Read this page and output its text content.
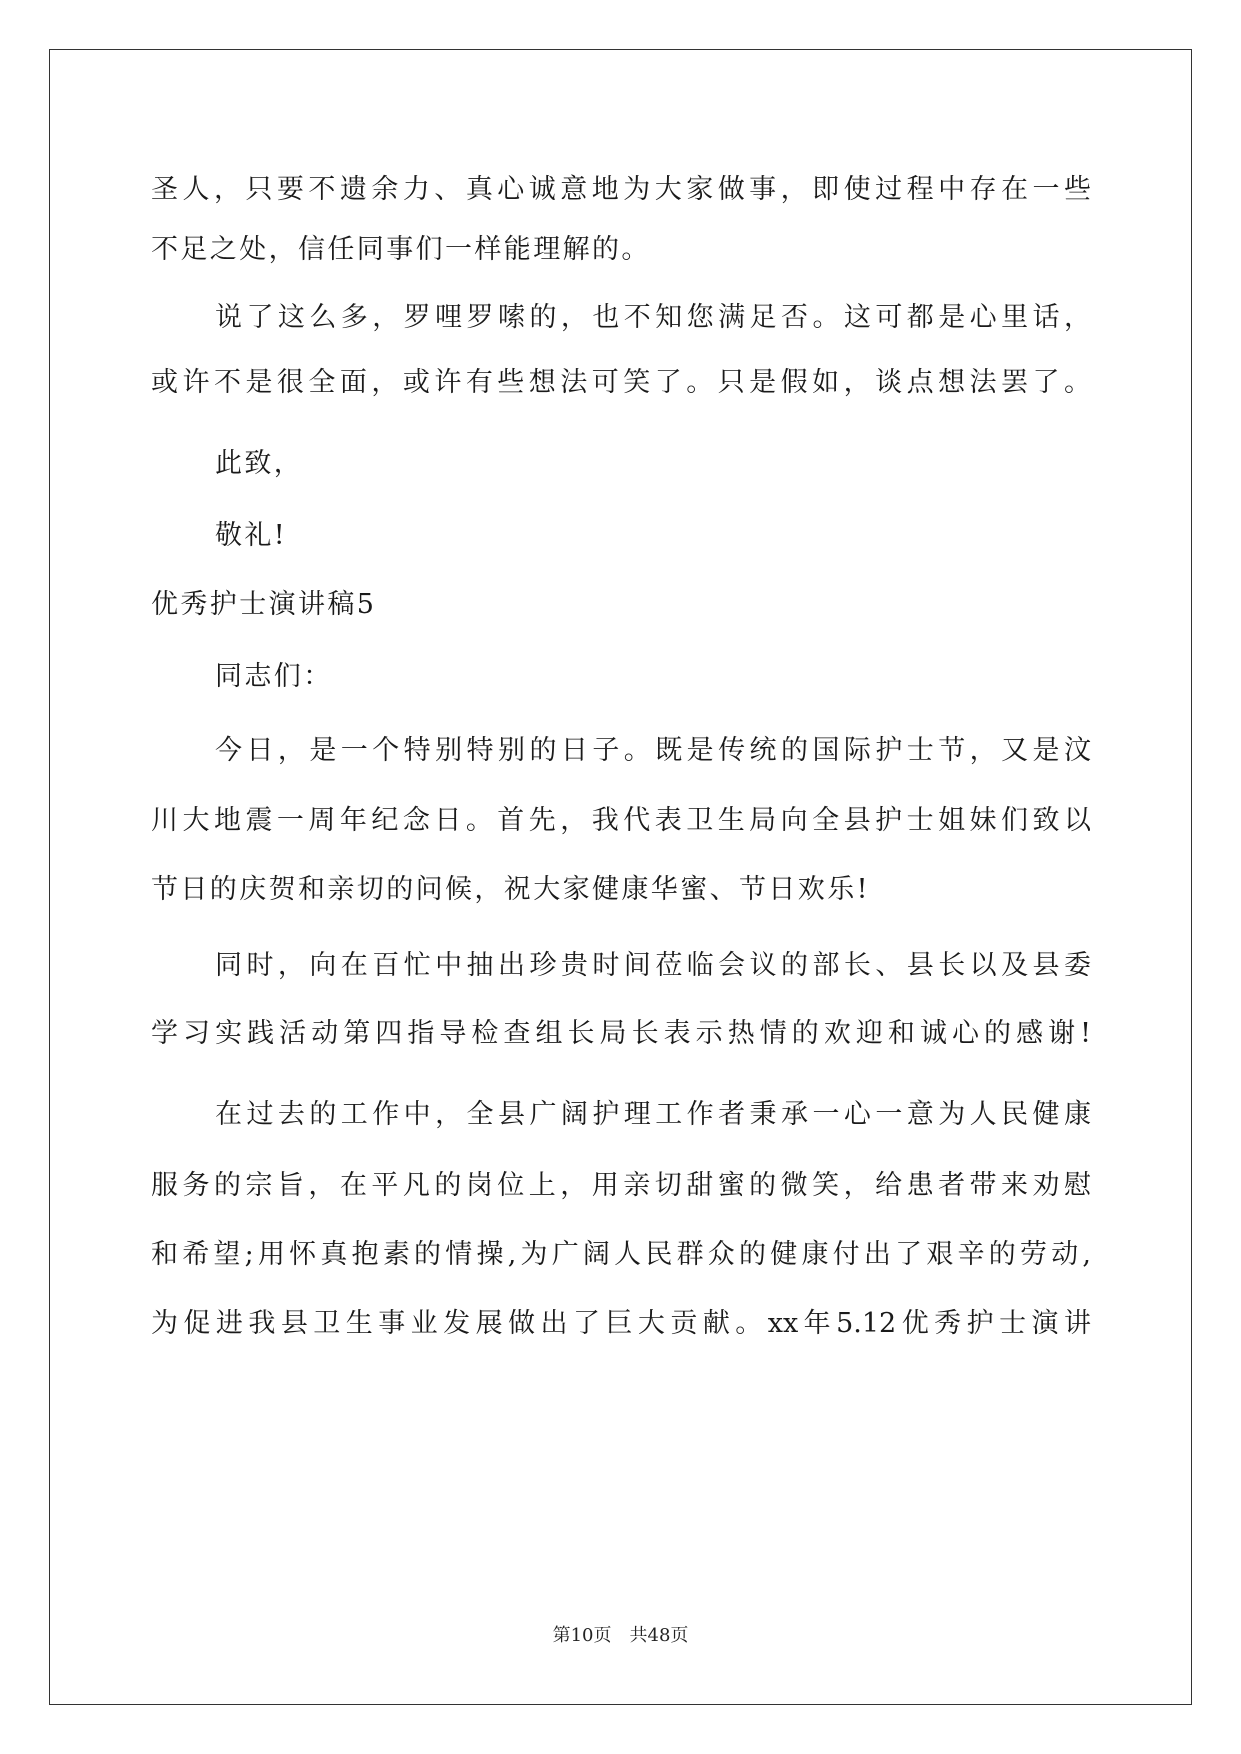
圣人，只要不遗余力、真心诚意地为大家做事，即使过程中存在一些
不足之处，信任同事们一样能理解的。
说了这么多，罗哩罗嗦的，也不知您满足否。这可都是心里话，
或许不是很全面，或许有些想法可笑了。只是假如，谈点想法罢了。
此致，
敬礼!
优秀护士演讲稿5
同志们：
今日，是一个特别特别的日子。既是传统的国际护士节，又是汶
川大地震一周年纪念日。首先，我代表卫生局向全县护士姐妹们致以
节日的庆贺和亲切的问候，祝大家健康华蜜、节日欢乐!
同时，向在百忙中抽出珍贵时间莅临会议的部长、县长以及县委
学习实践活动第四指导检查组长局长表示热情的欢迎和诚心的感谢!
在过去的工作中，全县广阔护理工作者秉承一心一意为人民健康
服务的宗旨，在平凡的岗位上，用亲切甜蜜的微笑，给患者带来劝慰
和希望;用怀真抱素的情操,为广阔人民群众的健康付出了艰辛的劳动,
为促进我县卫生事业发展做出了巨大贡献。xx年5.12优秀护士演讲
第10页 共48页
